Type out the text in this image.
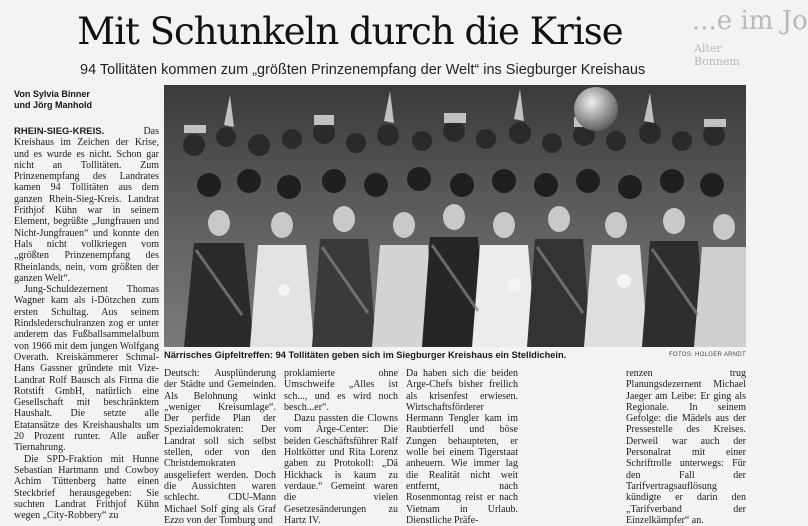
...e im Jo
Alter
Bonnem
Mit Schunkeln durch die Krise
94 Tollitäten kommen zum „größten Prinzenempfang der Welt“ ins Siegburger Kreishaus
Von Sylvia Binner
und Jörg Manhold

RHEIN-SIEG-KREIS.	Das Kreishaus im Zeichen der Krise, und es wurde es nicht. Schon gar nicht an Tollitäten. Zum Prinzenempfang des Landrates kamen 94 Tollitäten aus dem ganzen Rhein-Sieg-Kreis. Landrat Frithjof Kühn war in seinem Element, begrüßte „Jungfrauen und Nicht-Jungfrauen“ und konnte den Hals nicht vollkriegen vom „größten Prinzenempfang des Rheinlands, nein, vom größten der ganzen Welt“.

Jung-Schuldezernent Thomas Wagner kam als i-Dötzchen zum ersten Schultag. Aus seinem Rindslederschulranzen zog er unter anderem das Fußballsammelalbum von 1966 mit dem jungen Wolfgang Overath. Kreiskämmerer Schmal-Hans Gassner gründete mit Vize-Landrat Rolf Bausch als Firma die Rotstift GmbH, natürlich eine Gesellschaft mit beschränktem Haushalt. Die setzte alle Etatansätze des Kreishaushalts um 20 Prozent runter. Alle außer Tiernahrung.

Die SPD-Fraktion mit Hunne Sebastian Hartmann und Cowboy Achim Tüttenberg hatte einen Steckbrief herausgegeben: Sie suchten Landrat Frithjof Kühn wegen „City-Robbery“ zu

Närrisches Gipfeltreffen: 94 Tollitäten geben sich im Siegburger Kreishaus ein Stelldichein.	FOTOS: HOLGER ARNDT

Deutsch: Ausplünderung der Städte und Gemeinden. Als Belohnung winkt „weniger Kreisumlage“. Der perfide Plan der Spezialdemokraten: Der Landrat soll sich selbst stellen, oder von den Christdemokraten ausgeliefert werden. Doch die Aussichten waren schlecht. CDU-Mann Michael Solf ging als Graf Ezzo von der Tomburg und

proklamierte ohne Umschweife „Alles ist sch..., und es wird noch besch...er“.

Dazu passten die Clowns vom Arge-Center: Die beiden Geschäftsführer Ralf Holtkötter und Rita Lorenz gaben zu Protokoll: „Dä Hickhack is kaum zu verdaue.“ Gemeint waren die vielen Gesetzesänderungen zu Hartz IV.

Da haben sich die beiden Arge-Chefs bisher freilich als krisenfest erwiesen. Wirtschaftsförderer Hermann Tengler kam im Raubtierfell und böse Zungen behaupteten, er wolle bei einem Tigerstaat anheuern. Wie immer lag die Realität nicht weit entfernt, nach Rosenmontag reist er nach Vietnam in Urlaub. Dienstliche Präfe-

renzen trug Planungsdezernent Michael Jaeger am Leibe: Er ging als Regionale. In seinem Gefolge: die Mädels aus der Pressestelle des Kreises. Derweil war auch der Personalrat mit einer Schriftrolle unterwegs: Für den Fall der Tarifvertragsauflösung kündigte er darin den „Tarifverband der Einzelkämpfer“ an.
